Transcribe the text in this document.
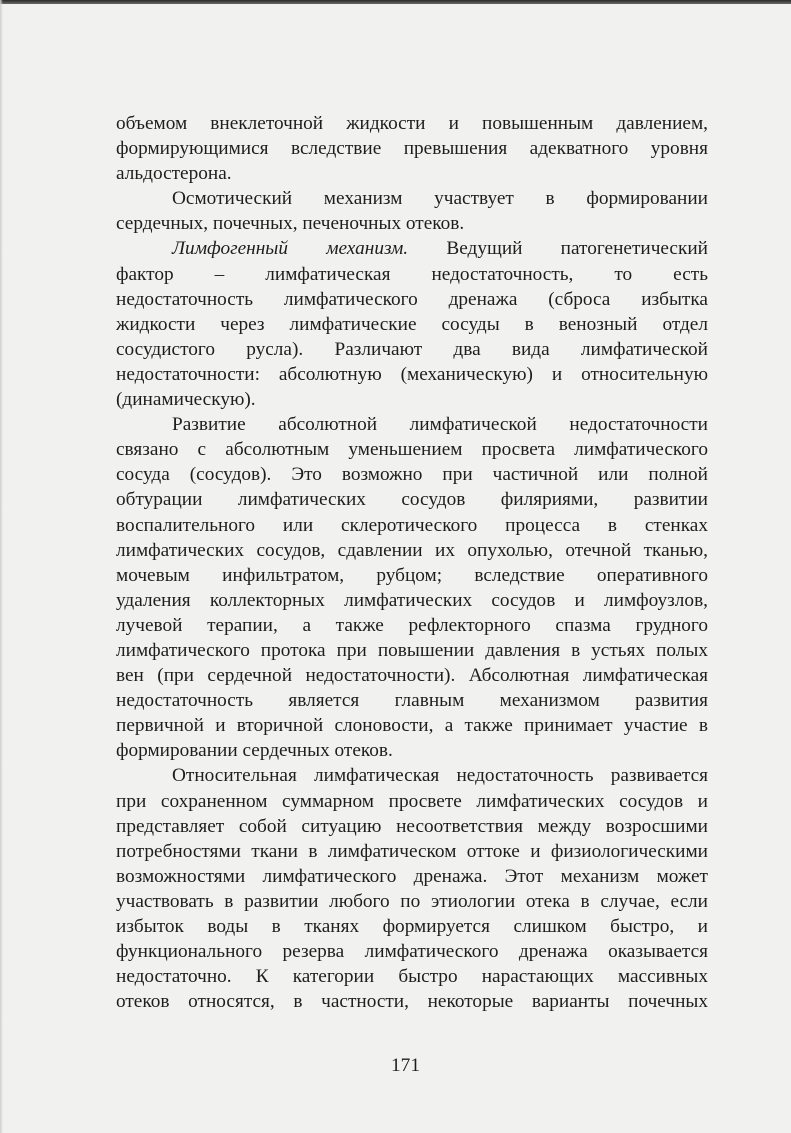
объемом внеклеточной жидкости и повышенным давлением,
формирующимися вследствие превышения адекватного уровня
альдостерона.
Осмотический механизм участвует в формировании
сердечных, почечных, печеночных отеков.
Лимфогенный механизм. Ведущий патогенетический
фактор – лимфатическая недостаточность, то есть
недостаточность лимфатического дренажа (сброса избытка
жидкости через лимфатические сосуды в венозный отдел
сосудистого русла). Различают два вида лимфатической
недостаточности: абсолютную (механическую) и относительную
(динамическую).
Развитие абсолютной лимфатической недостаточности
связано с абсолютным уменьшением просвета лимфатического
сосуда (сосудов). Это возможно при частичной или полной
обтурации лимфатических сосудов филяриями, развитии
воспалительного или склеротического процесса в стенках
лимфатических сосудов, сдавлении их опухолью, отечной тканью,
мочевым инфильтратом, рубцом; вследствие оперативного
удаления коллекторных лимфатических сосудов и лимфоузлов,
лучевой терапии, а также рефлекторного спазма грудного
лимфатического протока при повышении давления в устьях полых
вен (при сердечной недостаточности). Абсолютная лимфатическая
недостаточность является главным механизмом развития
первичной и вторичной слоновости, а также принимает участие в
формировании сердечных отеков.
Относительная лимфатическая недостаточность развивается
при сохраненном суммарном просвете лимфатических сосудов и
представляет собой ситуацию несоответствия между возросшими
потребностями ткани в лимфатическом оттоке и физиологическими
возможностями лимфатического дренажа. Этот механизм может
участвовать в развитии любого по этиологии отека в случае, если
избыток воды в тканях формируется слишком быстро, и
функционального резерва лимфатического дренажа оказывается
недостаточно. К категории быстро нарастающих массивных
отеков относятся, в частности, некоторые варианты почечных
171
